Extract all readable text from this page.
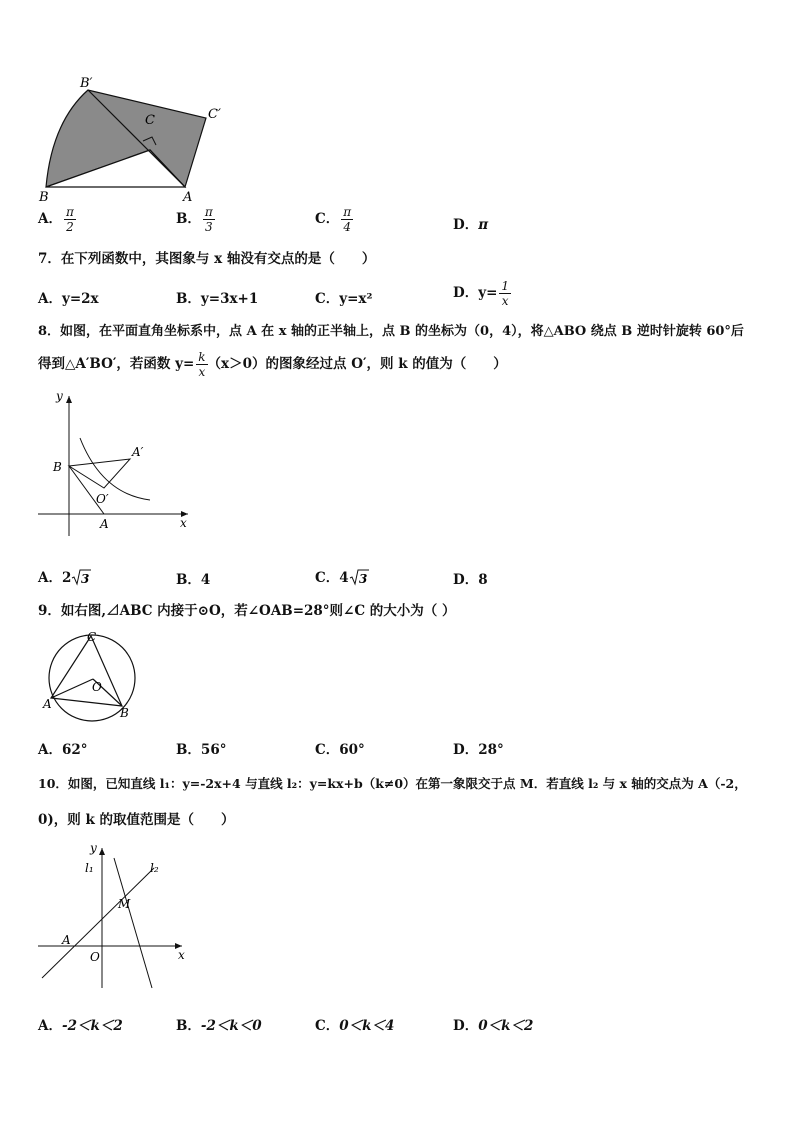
B′
C′
C
B	A
A． $\frac{\pi}{2}$	B． $\frac{\pi}{3}$	C． $\frac{\pi}{4}$	D．π
7．在下列函数中，其图象与 x 轴没有交点的是（　　）
A．y=2x	B．y=3x+1	C．y=x²	D．$y= \frac{1}{x}$
8．如图，在平面直角坐标系中，点 A 在 x 轴的正半轴上，点 B 的坐标为（0，4），将△ABO 绕点 B 逆时针旋转 60°后
得到△A′BO′，若函数 $y= \frac{k}{x} (x>0)$的图象经过点 O′，则 k 的值为（　　）
y
x
B
A′
O′
A
A．2 3	B．4	C．4 3	D．8
9．如右图,⊿ABC 内接于⊙O，若∠OAB=28°则∠C 的大小为（ ）
C
O
A
B
A．62°	B．56°	C．60°	D．28°
10．如图，已知直线 l₁：y=-2x+4 与直线 l₂：y=kx+b（k≠0）在第一象限交于点 M．若直线 l₂ 与 x 轴的交点为 A（-2，
0)，则 k 的取值范围是（　　）
y
l₁	l₂
M
A
O	x
A．-2＜k＜2	B．-2＜k＜0	C．0＜k＜4	D．0＜k＜2
